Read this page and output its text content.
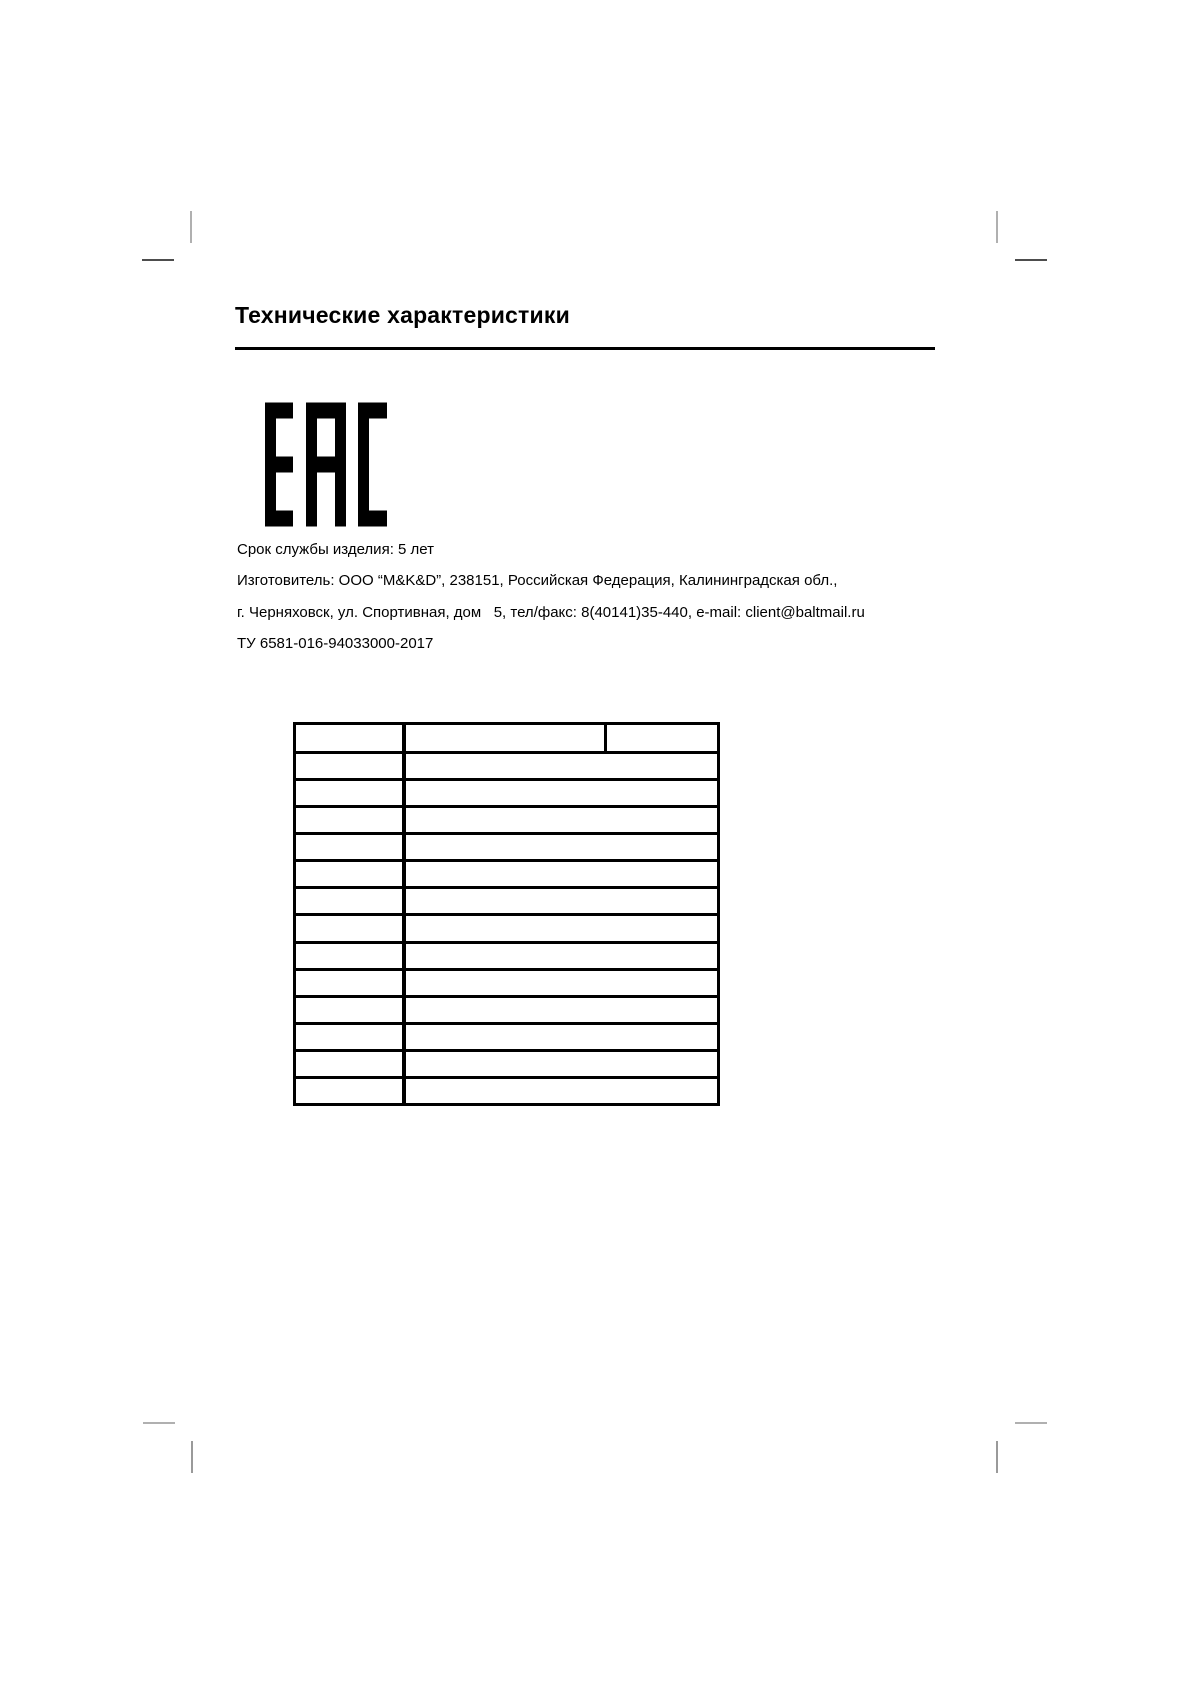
Технические характеристики
Срок службы изделия: 5 лет
Изготовитель: ООО “M&K&D”, 238151, Российская Федерация, Калининградская обл.,
г. Черняховск, ул. Спортивная, дом   5, тел/факс: 8(40141)35-440, e-mail: client@baltmail.ru
ТУ 6581-016-94033000-2017
